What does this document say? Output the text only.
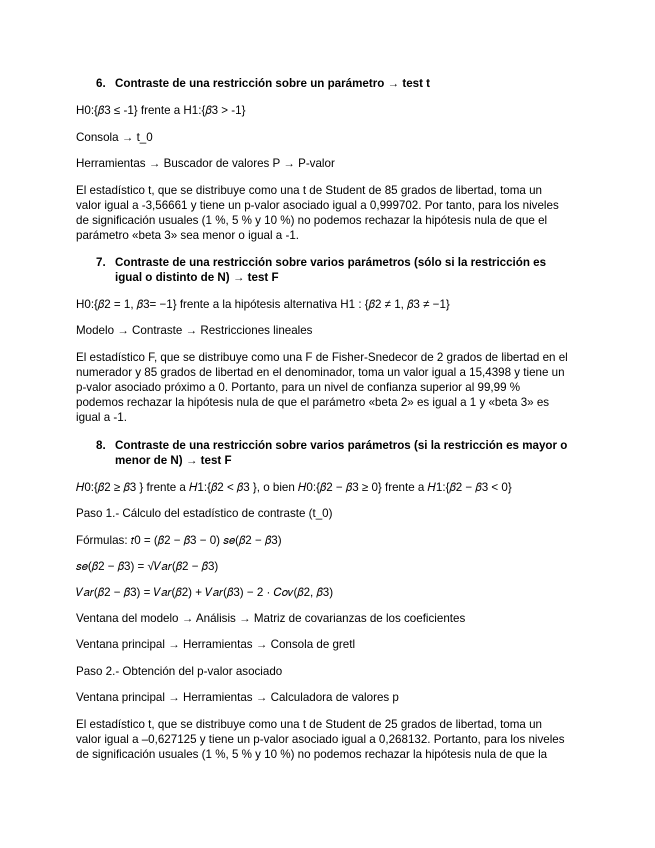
6. Contraste de una restricción sobre un parámetro → test t
H0:{𝛽3 ≤ -1} frente a H1:{𝛽3 > -1}
Consola → t_0
Herramientas → Buscador de valores P → P-valor
El estadístico t, que se distribuye como una t de Student de 85 grados de libertad, toma un
valor igual a -3,56661 y tiene un p-valor asociado igual a 0,999702. Por tanto, para los niveles
de significación usuales (1 %, 5 % y 10 %) no podemos rechazar la hipótesis nula de que el
parámetro «beta 3» sea menor o igual a -1.
7. Contraste de una restricción sobre varios parámetros (sólo si la restricción es
igual o distinto de N) → test F
H0:{𝛽2 = 1, 𝛽3= −1} frente a la hipótesis alternativa H1 : {𝛽2 ≠ 1, 𝛽3 ≠ −1}
Modelo → Contraste → Restricciones lineales
El estadístico F, que se distribuye como una F de Fisher-Snedecor de 2 grados de libertad en el
numerador y 85 grados de libertad en el denominador, toma un valor igual a 15,4398 y tiene un
p-valor asociado próximo a 0. Portanto, para un nivel de confianza superior al 99,99 %
podemos rechazar la hipótesis nula de que el parámetro «beta 2» es igual a 1 y «beta 3» es
igual a -1.
8. Contraste de una restricción sobre varios parámetros (si la restricción es mayor o
menor de N) → test F
𝐻0:{𝛽2 ≥ 𝛽3 } frente a 𝐻1:{𝛽2 < 𝛽3 }, o bien 𝐻0:{𝛽2 − 𝛽3 ≥ 0} frente a 𝐻1:{𝛽2 − 𝛽3 < 0}
Paso 1.- Cálculo del estadístico de contraste (t_0)
Fórmulas: 𝑡0 = (𝛽̂2 − 𝛽̂3 − 0) 𝑠𝑒(𝛽2 − 𝛽̂3)
𝑠𝑒(𝛽2 − 𝛽̂3) = √𝑉𝑎𝑟(𝛽2 − 𝛽̂3)
𝑉𝑎𝑟(𝛽2 − 𝛽̂3) = 𝑉𝑎𝑟(𝛽2) + 𝑉𝑎𝑟(𝛽3) − 2 · 𝐶𝑜𝑣(𝛽2, 𝛽̂3)
Ventana del modelo → Análisis → Matriz de covarianzas de los coeficientes
Ventana principal → Herramientas → Consola de gretl
Paso 2.- Obtención del p-valor asociado
Ventana principal → Herramientas → Calculadora de valores p
El estadístico t, que se distribuye como una t de Student de 25 grados de libertad, toma un
valor igual a –0,627125 y tiene un p-valor asociado igual a 0,268132. Portanto, para los niveles
de significación usuales (1 %, 5 % y 10 %) no podemos rechazar la hipótesis nula de que la
